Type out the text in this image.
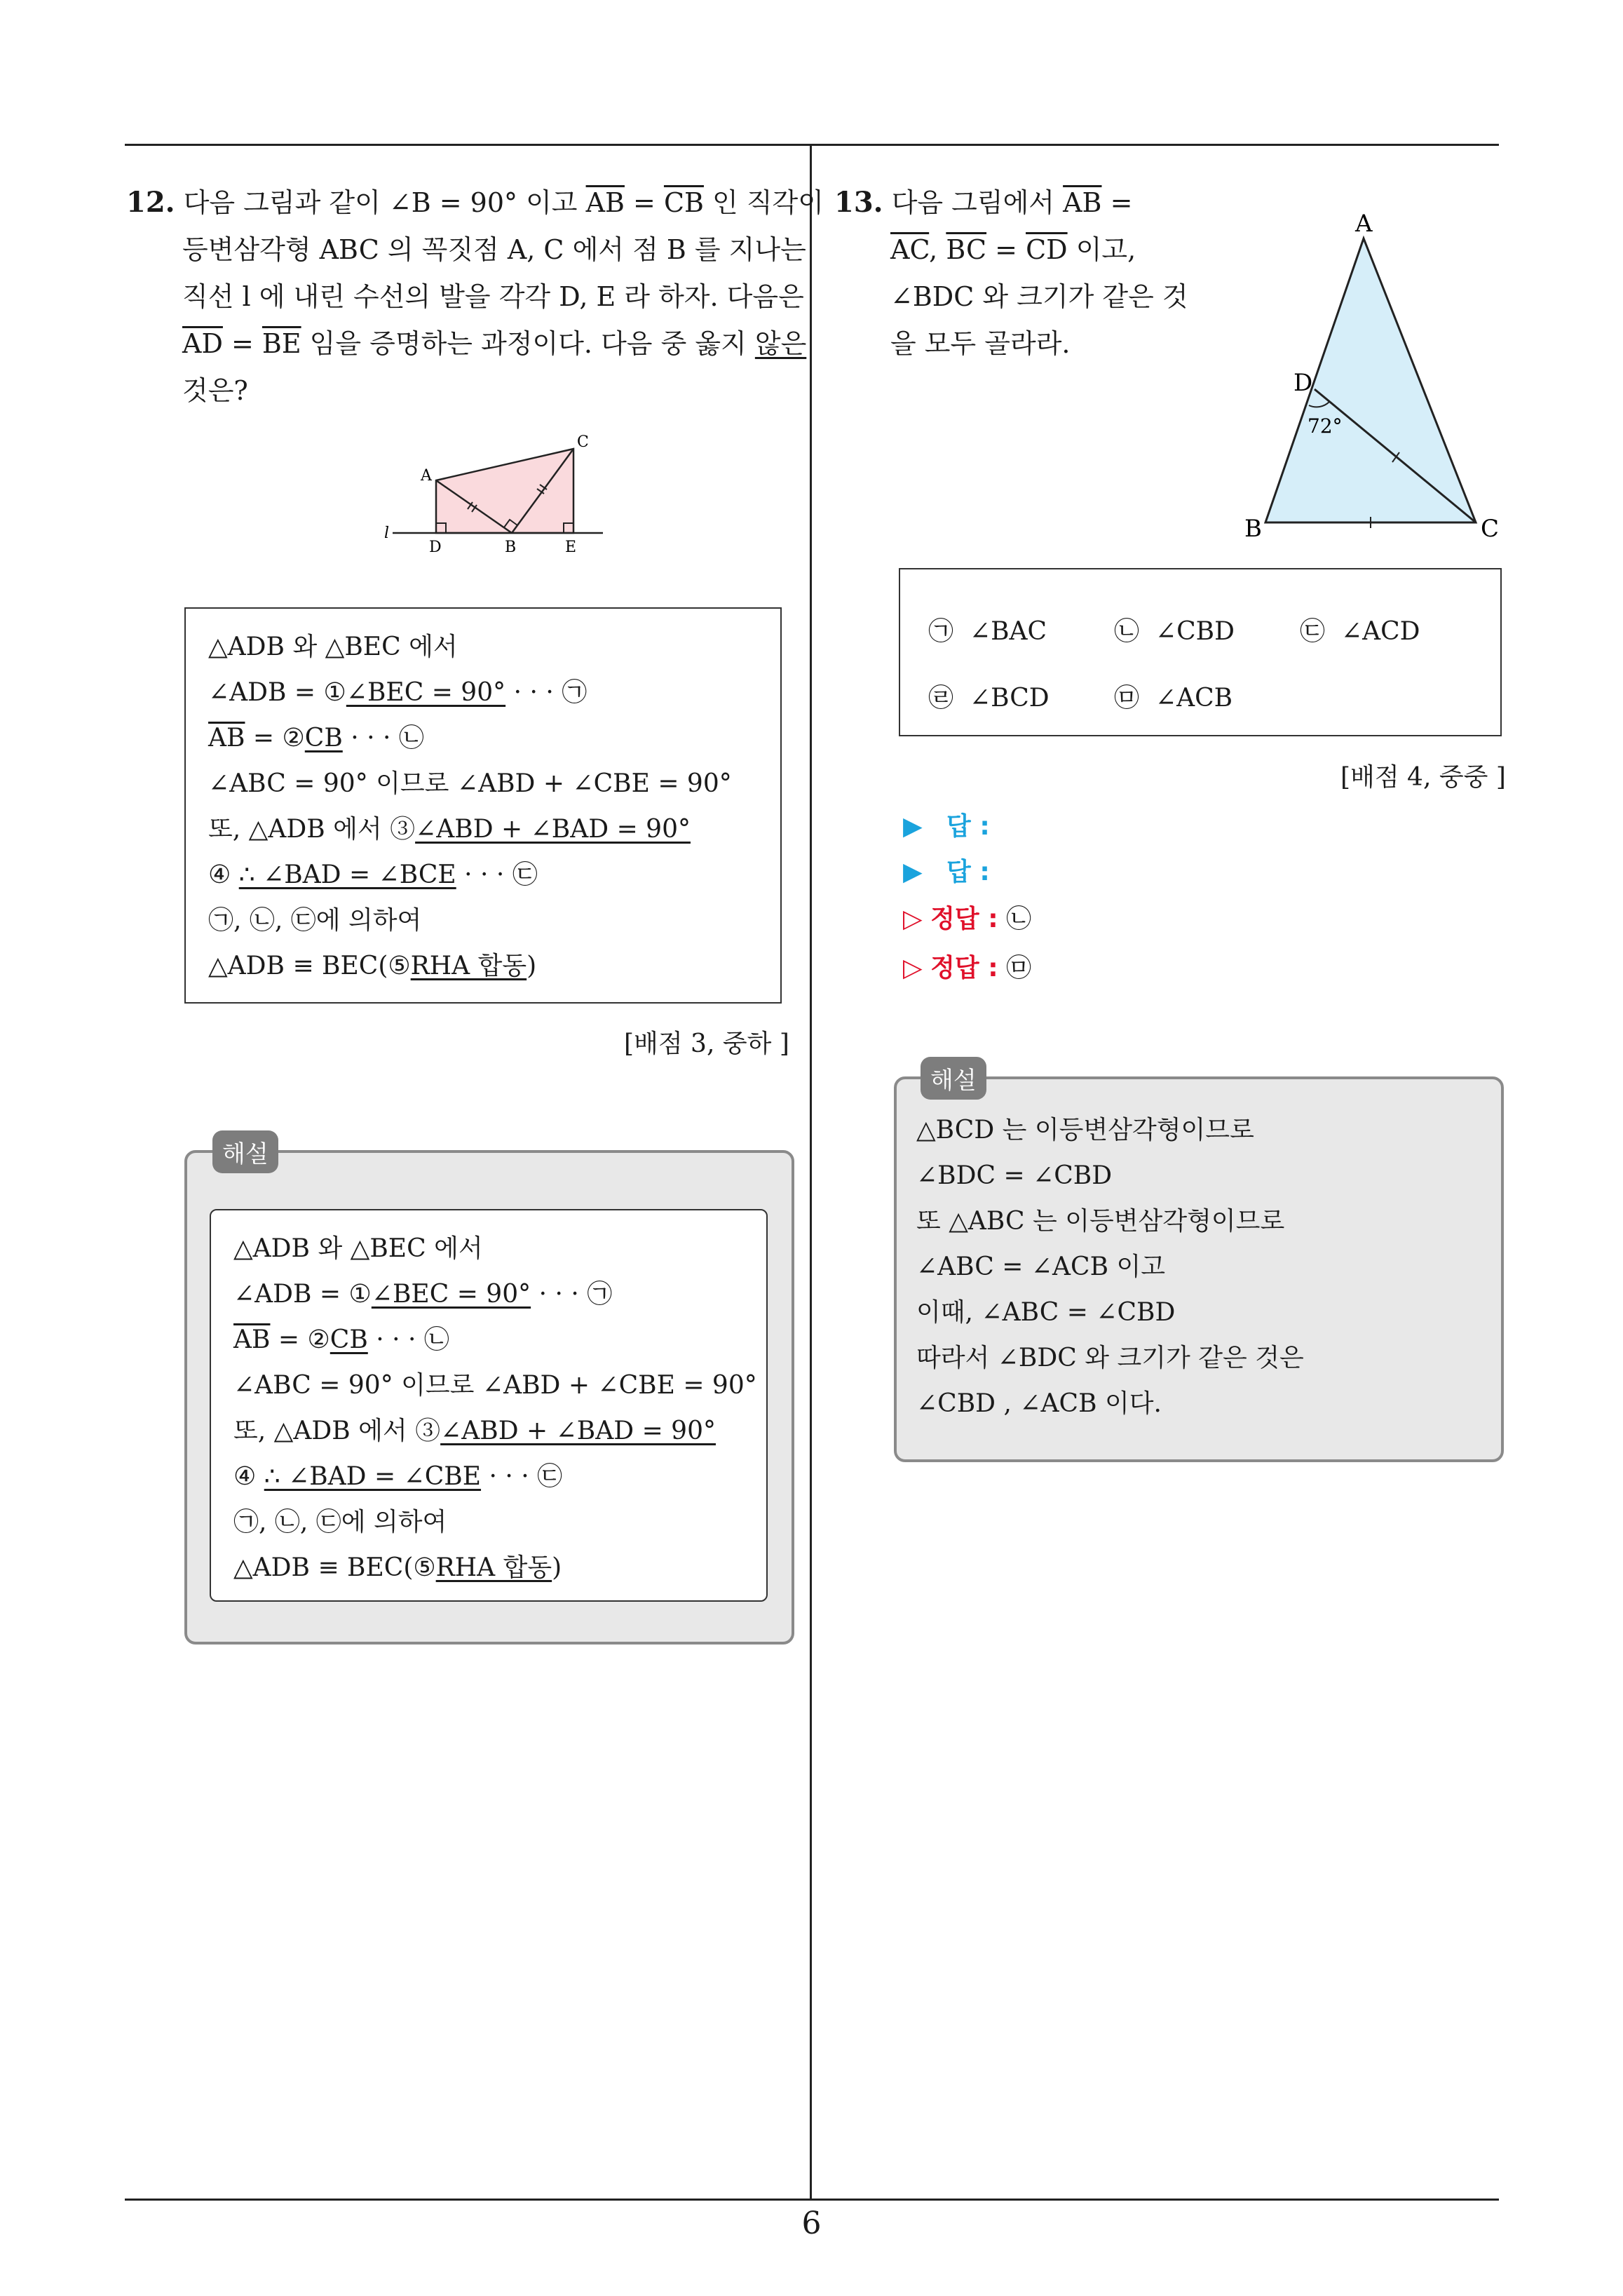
12. 다음 그림과 같이 ∠B = 90° 이고 $\overline{AB} = \overline{CB}$ 인 직각이

등변삼각형 ABC 의 꼭짓점 A, C 에서 점 B 를 지나는

직선 l 에 내린 수선의 발을 각각 D, E 라 하자. 다음은

$\overline{AD} = \overline{BE}$ 임을 증명하는 과정이다. 다음 중 옳지 않은

것은?

A
C
D	B	E
l

△ADB 와 △BEC 에서

∠ADB = ①∠BEC = 90° · · · ㉠

$\overline{AB}$ = ②CB · · · ㉡

∠ABC = 90° 이므로 ∠ABD + ∠CBE = 90°

또, △ADB 에서 ③∠ABD + ∠BAD = 90°

④ ∴ ∠BAD = ∠BCE · · · ㉢

㉠, ㉡, ㉢에 의하여

△ADB ≡ BEC(⑤RHA 합동)

[배점 3, 중하 ]

△ADB 와 △BEC 에서

∠ADB = ①∠BEC = 90° · · · ㉠

$\overline{AB}$ = ②CB · · · ㉡

∠ABC = 90° 이므로 ∠ABD + ∠CBE = 90°

또, △ADB 에서 ③∠ABD + ∠BAD = 90°

④ ∴ ∠BAD = ∠CBE · · · ㉢

㉠, ㉡, ㉢에 의하여

△ADB ≡ BEC(⑤RHA 합동)

해설

13. 다음 그림에서 $\overline{AB}$ =

$\overline{AC}$, $\overline{BC} = \overline{CD}$ 이고,

∠BDC 와 크기가 같은 것

을 모두 골라라.

A
B	C
D
72°
㉠ ∠BAC	㉡ ∠CBD	㉢ ∠ACD
㉣ ∠BCD	㉤ ∠ACB
[배점 4, 중중 ]
▶ 답 :
▶ 답 :
▷ 정답 : ㉡
▷ 정답 : ㉤

△BCD 는 이등변삼각형이므로

∠BDC = ∠CBD

또 △ABC 는 이등변삼각형이므로

∠ABC = ∠ACB 이고

이때, ∠ABC = ∠CBD

따라서 ∠BDC 와 크기가 같은 것은

∠CBD , ∠ACB 이다.

해설
6
